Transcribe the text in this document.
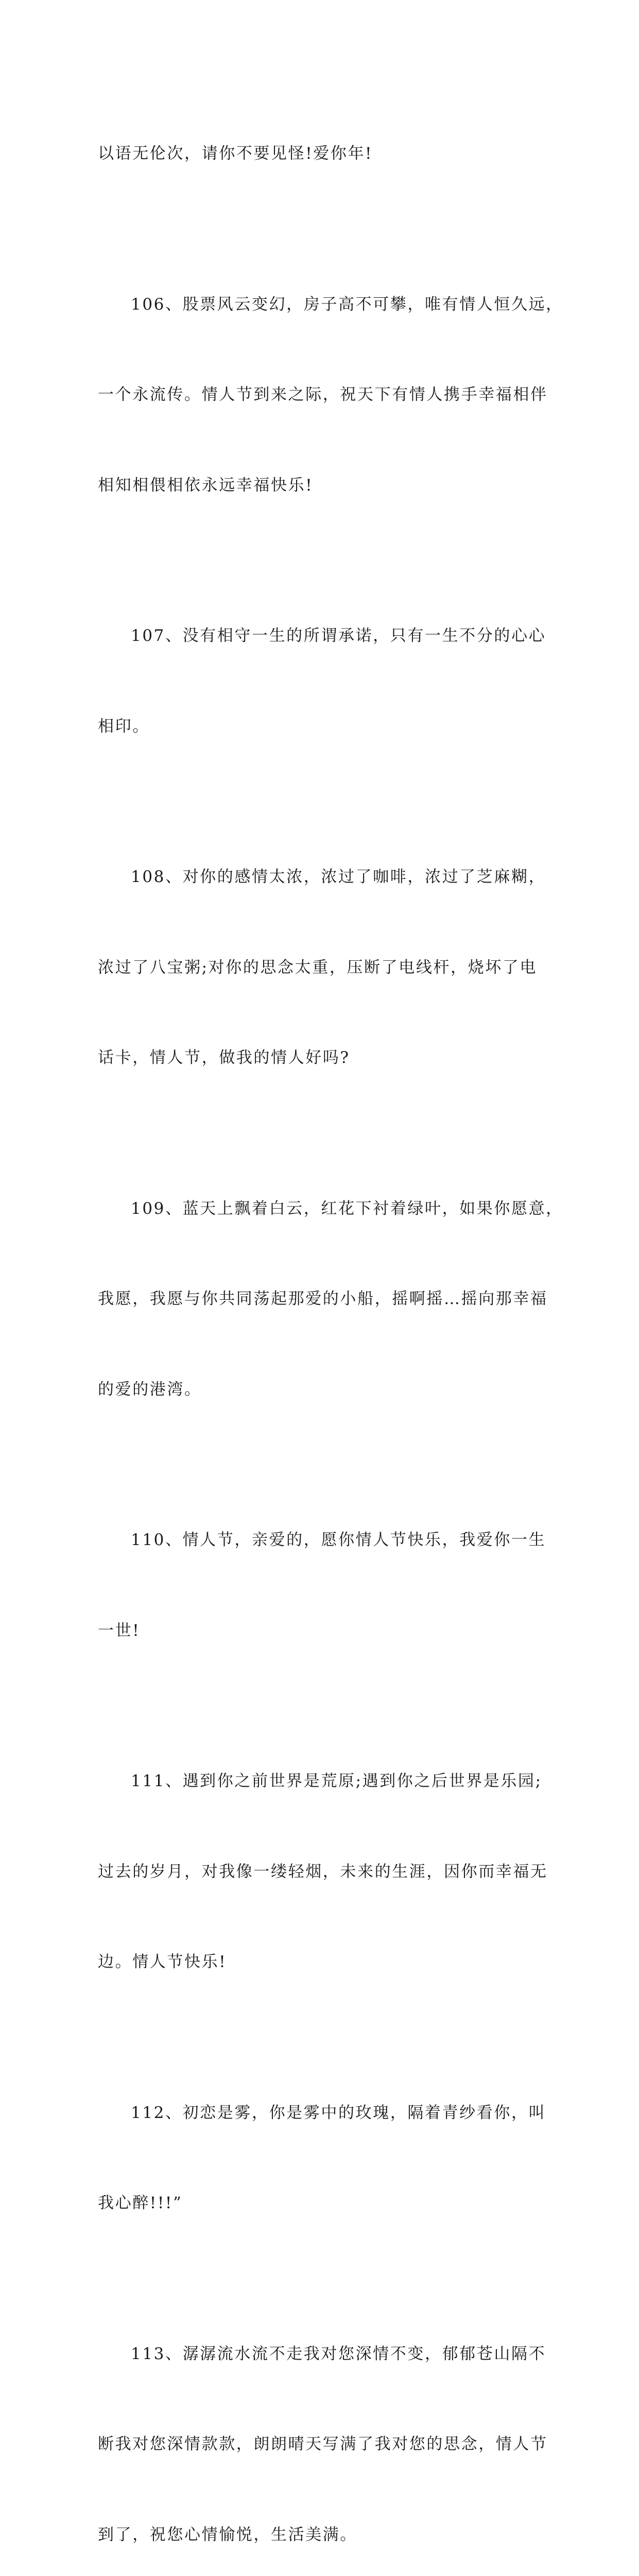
以语无伦次，请你不要见怪!爱你年!

106、股票风云变幻，房子高不可攀，唯有情人恒久远，

一个永流传。情人节到来之际，祝天下有情人携手幸福相伴

相知相偎相依永远幸福快乐!

107、没有相守一生的所谓承诺，只有一生不分的心心

相印。

108、对你的感情太浓，浓过了咖啡，浓过了芝麻糊，

浓过了八宝粥;对你的思念太重，压断了电线杆，烧坏了电

话卡，情人节，做我的情人好吗?

109、蓝天上飘着白云，红花下衬着绿叶，如果你愿意，

我愿，我愿与你共同荡起那爱的小船，摇啊摇…摇向那幸福

的爱的港湾。

110、情人节，亲爱的，愿你情人节快乐，我爱你一生

一世!

111、遇到你之前世界是荒原;遇到你之后世界是乐园;

过去的岁月，对我像一缕轻烟，未来的生涯，因你而幸福无

边。情人节快乐!

112、初恋是雾，你是雾中的玫瑰，隔着青纱看你，叫

我心醉!!!”

113、潺潺流水流不走我对您深情不变，郁郁苍山隔不

断我对您深情款款，朗朗晴天写满了我对您的思念，情人节

到了，祝您心情愉悦，生活美满。
